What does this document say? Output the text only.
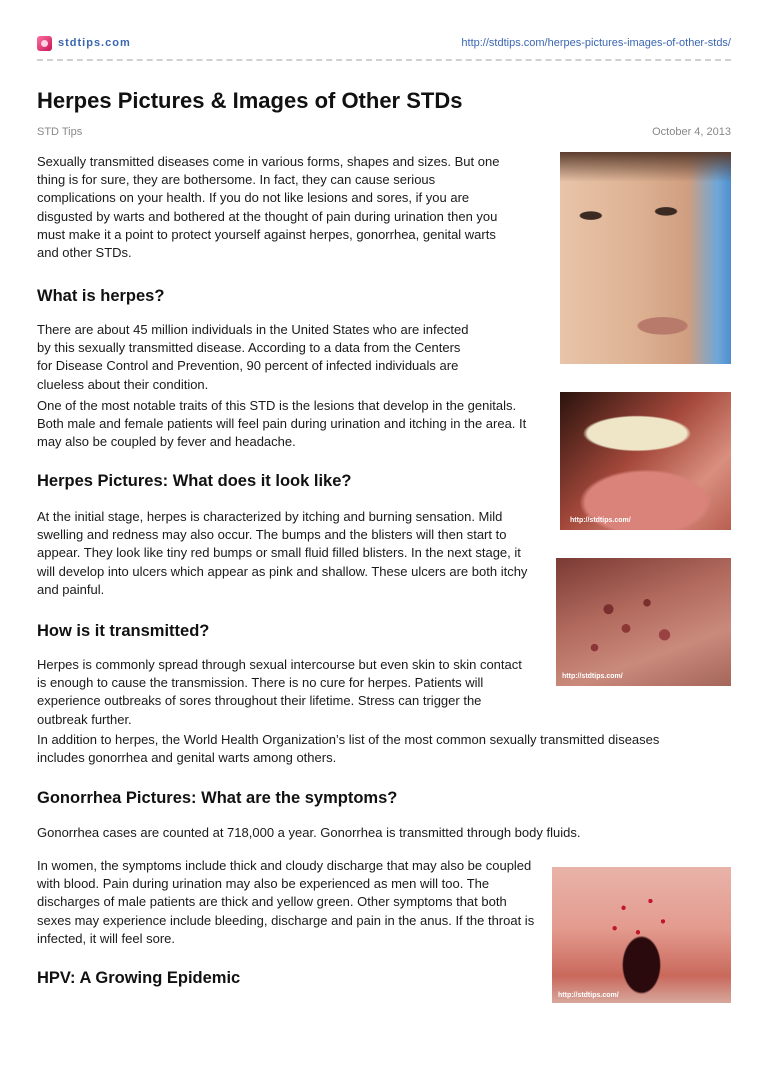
stdtips.com	http://stdtips.com/herpes-pictures-images-of-other-stds/
Herpes Pictures & Images of Other STDs
STD Tips	October 4, 2013

Sexually transmitted diseases come in various forms, shapes and sizes. But one thing is for sure, they are bothersome. In fact, they can cause serious complications on your health. If you do not like lesions and sores, if you are disgusted by warts and bothered at the thought of pain during urination then you must make it a point to protect yourself against herpes, gonorrhea, genital warts and other STDs.

What is herpes?

There are about 45 million individuals in the United States who are infected by this sexually transmitted disease. According to a data from the Centers for Disease Control and Prevention, 90 percent of infected individuals are clueless about their condition.

One of the most notable traits of this STD is the lesions that develop in the genitals. Both male and female patients will feel pain during urination and itching in the area. It may also be coupled by fever and headache.

Herpes Pictures: What does it look like?

At the initial stage, herpes is characterized by itching and burning sensation. Mild swelling and redness may also occur. The bumps and the blisters will then start to appear. They look like tiny red bumps or small fluid filled blisters. In the next stage, it will develop into ulcers which appear as pink and shallow. These ulcers are both itchy and painful.

How is it transmitted?

Herpes is commonly spread through sexual intercourse but even skin to skin contact is enough to cause the transmission. There is no cure for herpes. Patients will experience outbreaks of sores throughout their lifetime. Stress can trigger the outbreak further.

In addition to herpes, the World Health Organization’s list of the most common sexually transmitted diseases includes gonorrhea and genital warts among others.

Gonorrhea Pictures: What are the symptoms?

Gonorrhea cases are counted at 718,000 a year. Gonorrhea is transmitted through body fluids.

In women, the symptoms include thick and cloudy discharge that may also be coupled with blood. Pain during urination may also be experienced as men will too. The discharges of male patients are thick and yellow green. Other symptoms that both sexes may experience include bleeding, discharge and pain in the anus. If the throat is infected, it will feel sore.

HPV: A Growing Epidemic
http://stdtips.com/
http://stdtips.com/
http://stdtips.com/
